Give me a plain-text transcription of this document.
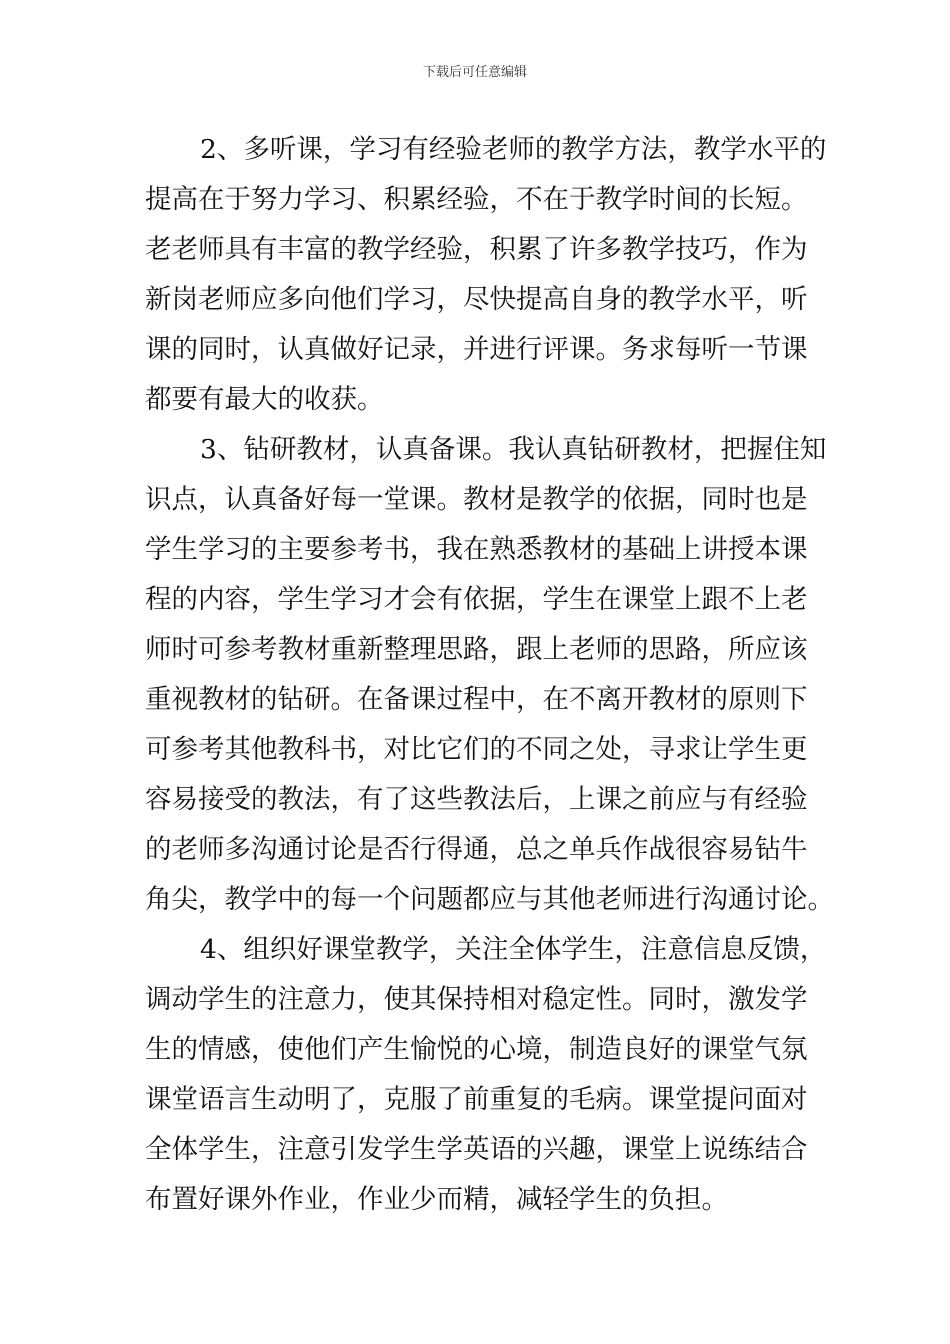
下载后可任意编辑
2、多听课，学习有经验老师的教学方法，教学水平的
提高在于努力学习、积累经验，不在于教学时间的长短。
老老师具有丰富的教学经验，积累了许多教学技巧，作为
新岗老师应多向他们学习，尽快提高自身的教学水平，听
课的同时，认真做好记录，并进行评课。务求每听一节课
都要有最大的收获。
3、钻研教材，认真备课。我认真钻研教材，把握住知
识点，认真备好每一堂课。教材是教学的依据，同时也是
学生学习的主要参考书，我在熟悉教材的基础上讲授本课
程的内容，学生学习才会有依据，学生在课堂上跟不上老
师时可参考教材重新整理思路，跟上老师的思路，所应该
重视教材的钻研。在备课过程中，在不离开教材的原则下
可参考其他教科书，对比它们的不同之处，寻求让学生更
容易接受的教法，有了这些教法后，上课之前应与有经验
的老师多沟通讨论是否行得通，总之单兵作战很容易钻牛
角尖，教学中的每一个问题都应与其他老师进行沟通讨论。
4、组织好课堂教学，关注全体学生，注意信息反馈，
调动学生的注意力，使其保持相对稳定性。同时，激发学
生的情感，使他们产生愉悦的心境，制造良好的课堂气氛
课堂语言生动明了，克服了前重复的毛病。课堂提问面对
全体学生，注意引发学生学英语的兴趣，课堂上说练结合
布置好课外作业，作业少而精，减轻学生的负担。
